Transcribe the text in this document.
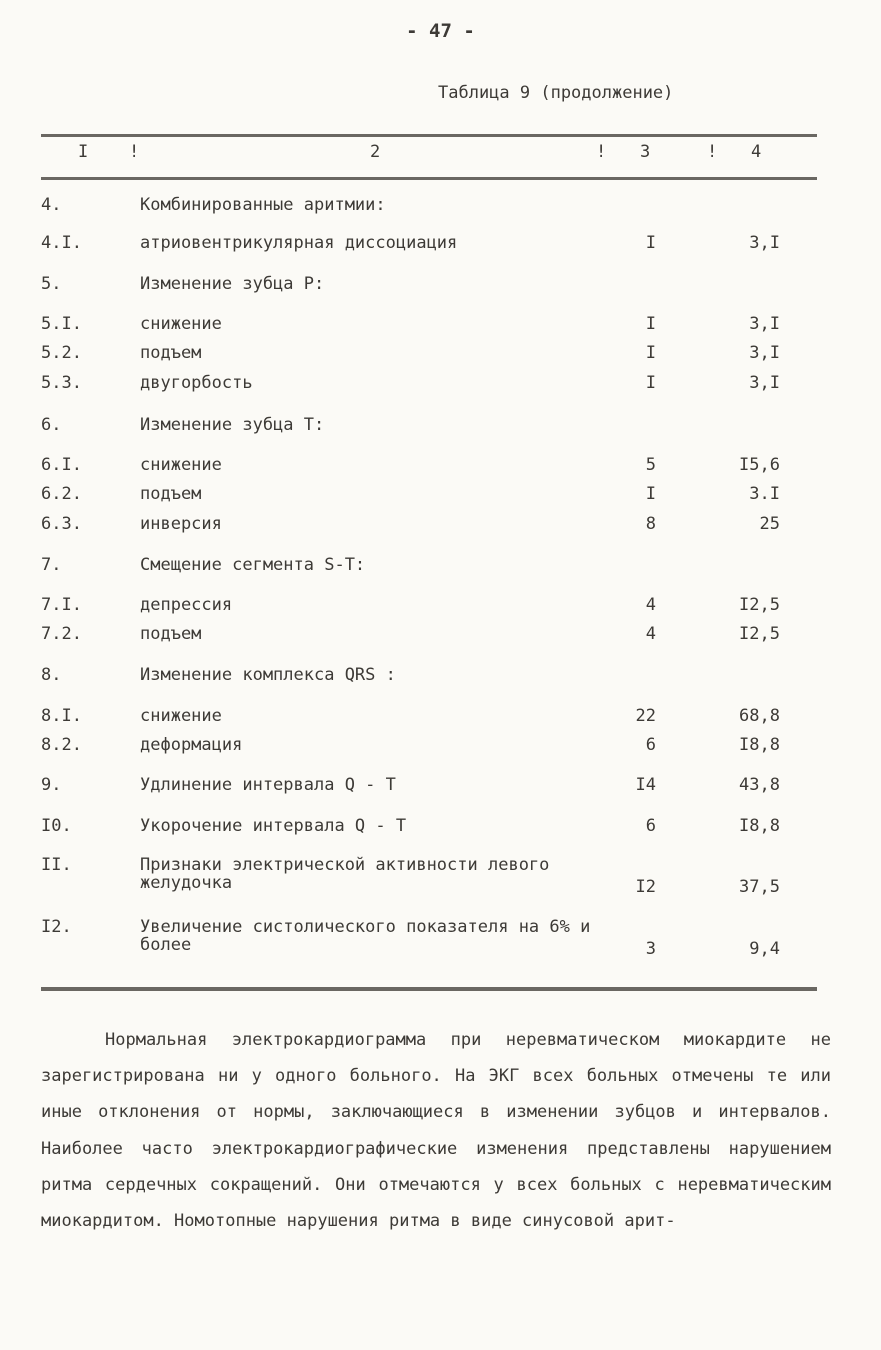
- 47 -
Таблица 9 (продолжение)
I !	2	! 3	! 4
4.	Комбинированные аритмии:
4.I.	атриовентрикулярная диссоциация	I	3,I
5.	Изменение зубца P:
5.I.	снижение	I	3,I
5.2.	подъем	I	3,I
5.3.	двугорбость	I	3,I
6.	Изменение зубца T:
6.I.	снижение	5	I5,6
6.2.	подъем	I	3.I
6.3.	инверсия	8	25
7.	Смещение сегмента S-T:
7.I.	депрессия	4	I2,5
7.2.	подъем	4	I2,5
8.	Изменение комплекса QRS :
8.I.	снижение	22	68,8
8.2.	деформация	6	I8,8
9.	Удлинение интервала Q - T	I4	43,8
I0.	Укорочение интервала Q - T	6	I8,8
II.	Признаки электрической активности левого желудочка	I2	37,5
I2.	Увеличение систолического показателя на 6% и более	3	9,4

Нормальная электрокардиограмма при неревматическом миокардите не зарегистрирована ни у одного больного. На ЭКГ всех больных отмечены те или иные отклонения от нормы, заключающиеся в изменении зубцов и интервалов. Наиболее часто электрокардиографические изменения представлены нарушением ритма сердечных сокращений. Они отмечаются у всех больных с неревматическим миокардитом. Номотопные нарушения ритма в виде синусовой арит-
